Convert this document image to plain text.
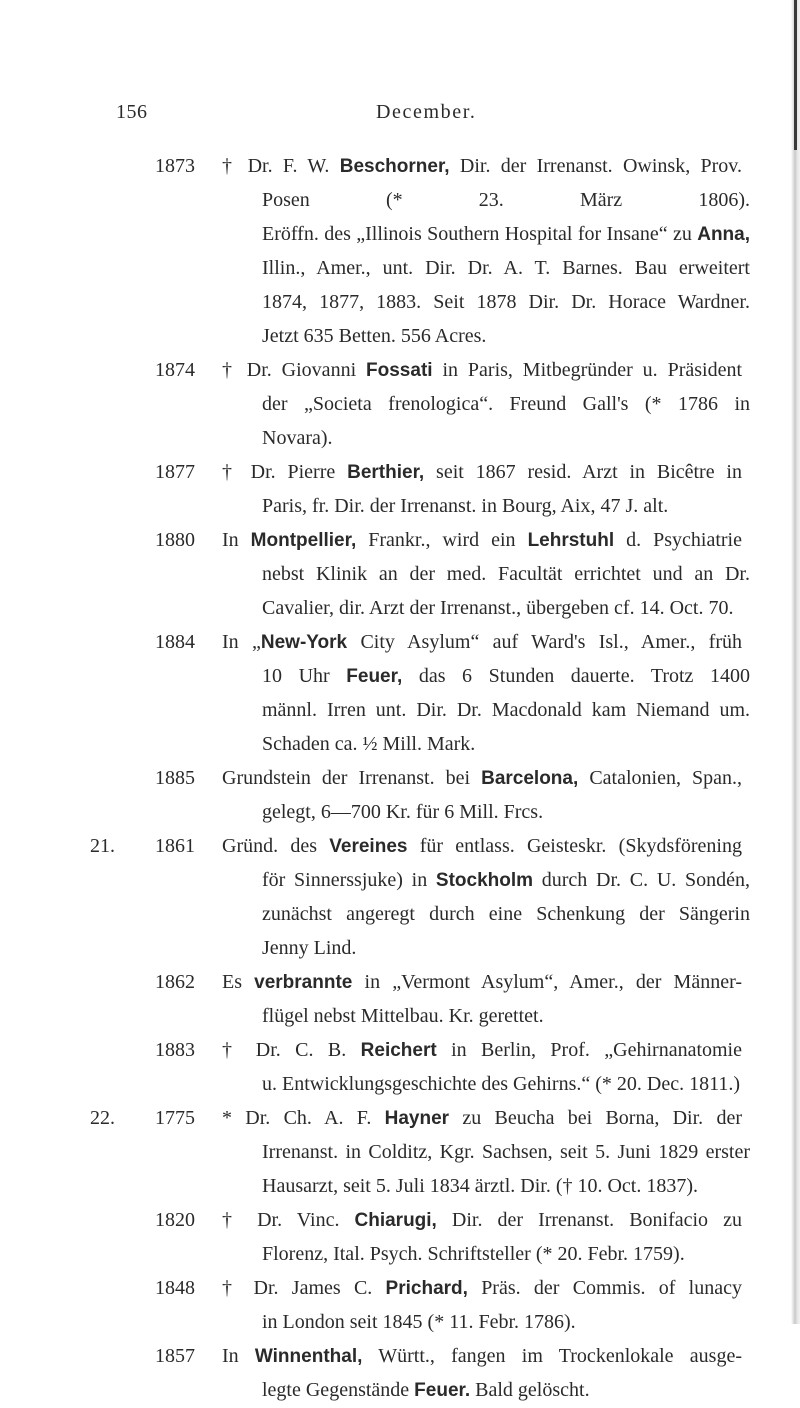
156	December.
1873 † Dr. F. W. Beschorner, Dir. der Irrenanst. Owinsk, Prov.
Posen (* 23. März 1806).
Eröffn. des „Illinois Southern Hospital for Insane“ zu Anna,
Illin., Amer., unt. Dir. Dr. A. T. Barnes. Bau erweitert
1874, 1877, 1883. Seit 1878 Dir. Dr. Horace Wardner.
Jetzt 635 Betten. 556 Acres.
1874 † Dr. Giovanni Fossati in Paris, Mitbegründer u. Präsident
der „Societa frenologica“. Freund Gall's (* 1786 in
Novara).
1877 † Dr. Pierre Berthier, seit 1867 resid. Arzt in Bicêtre in
Paris, fr. Dir. der Irrenanst. in Bourg, Aix, 47 J. alt.
1880 In Montpellier, Frankr., wird ein Lehrstuhl d. Psychiatrie
nebst Klinik an der med. Facultät errichtet und an Dr.
Cavalier, dir. Arzt der Irrenanst., übergeben cf. 14. Oct. 70.
1884 In „New-York City Asylum“ auf Ward's Isl., Amer., früh
10 Uhr Feuer, das 6 Stunden dauerte. Trotz 1400
männl. Irren unt. Dir. Dr. Macdonald kam Niemand um.
Schaden ca. ½ Mill. Mark.
1885 Grundstein der Irrenanst. bei Barcelona, Catalonien, Span.,
gelegt, 6—700 Kr. für 6 Mill. Frcs.
21. 1861 Gründ. des Vereines für entlass. Geisteskr. (Skydsförening
för Sinnerssjuke) in Stockholm durch Dr. C. U. Sondén,
zunächst angeregt durch eine Schenkung der Sängerin
Jenny Lind.
1862 Es verbrannte in „Vermont Asylum“, Amer., der Männer-
flügel nebst Mittelbau. Kr. gerettet.
1883 † Dr. C. B. Reichert in Berlin, Prof. „Gehirnanatomie
u. Entwicklungsgeschichte des Gehirns.“ (* 20. Dec. 1811.)
22. 1775 * Dr. Ch. A. F. Hayner zu Beucha bei Borna, Dir. der
Irrenanst. in Colditz, Kgr. Sachsen, seit 5. Juni 1829 erster
Hausarzt, seit 5. Juli 1834 ärztl. Dir. († 10. Oct. 1837).
1820 † Dr. Vinc. Chiarugi, Dir. der Irrenanst. Bonifacio zu
Florenz, Ital. Psych. Schriftsteller (* 20. Febr. 1759).
1848 † Dr. James C. Prichard, Präs. der Commis. of lunacy
in London seit 1845 (* 11. Febr. 1786).
1857 In Winnenthal, Württ., fangen im Trockenlokale ausge-
legte Gegenstände Feuer. Bald gelöscht.
